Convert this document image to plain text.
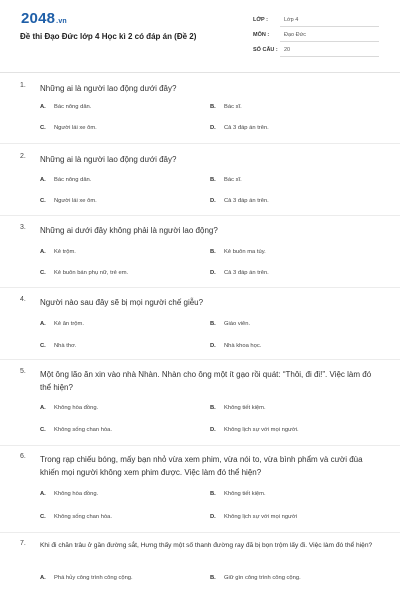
2048.vn
Đề thi Đạo Đức lớp 4 Học kì 2 có đáp án (Đề 2)
LỚP :	Lớp 4
MÔN :	Đạo Đức
SỐ CÂU : 20
1. Những ai là người lao động dưới đây?
A. Bác nông dân.	B. Bác sĩ.
C. Người lái xe ôm.	D. Cả 3 đáp án trên.
2. Những ai là người lao động dưới đây?
A. Bác nông dân.	B. Bác sĩ.
C. Người lái xe ôm.	D. Cả 3 đáp án trên.
3. Những ai dưới đây không phải là người lao động?
A. Kẻ trộm.	B. Kẻ buôn ma túy.
C. Kẻ buôn bán phụ nữ, trẻ em.	D. Cả 3 đáp án trên.
4. Người nào sau đây sẽ bị mọi người chế giễu?
A. Kẻ ăn trộm.	B. Giáo viên.
C. Nhà thơ.	D. Nhà khoa học.
5. Một ông lão ăn xin vào nhà Nhàn. Nhàn cho ông một ít gạo rồi quát: “Thôi, đi đi!”. Việc làm đó thể hiện?
A. Không hòa đồng.	B. Không tiết kiệm.
C. Không sống chan hòa.	D. Không lịch sự với mọi người.
6. Trong rạp chiếu bóng, mấy bạn nhỏ vừa xem phim, vừa nói to, vừa bình phẩm và cười đùa khiến mọi người không xem phim được. Việc làm đó thể hiện?
A. Không hòa đồng.	B. Không tiết kiệm.
C. Không sống chan hòa.	D. Không lịch sự với mọi người
7. Khi đi chăn trâu ở gần đường sắt, Hưng thấy một số thanh đường ray đã bị bọn trộm lấy đi. Việc làm đó thể hiện?
A. Phá hủy công trình công cộng.	B. Giữ gìn công trình công cộng.
